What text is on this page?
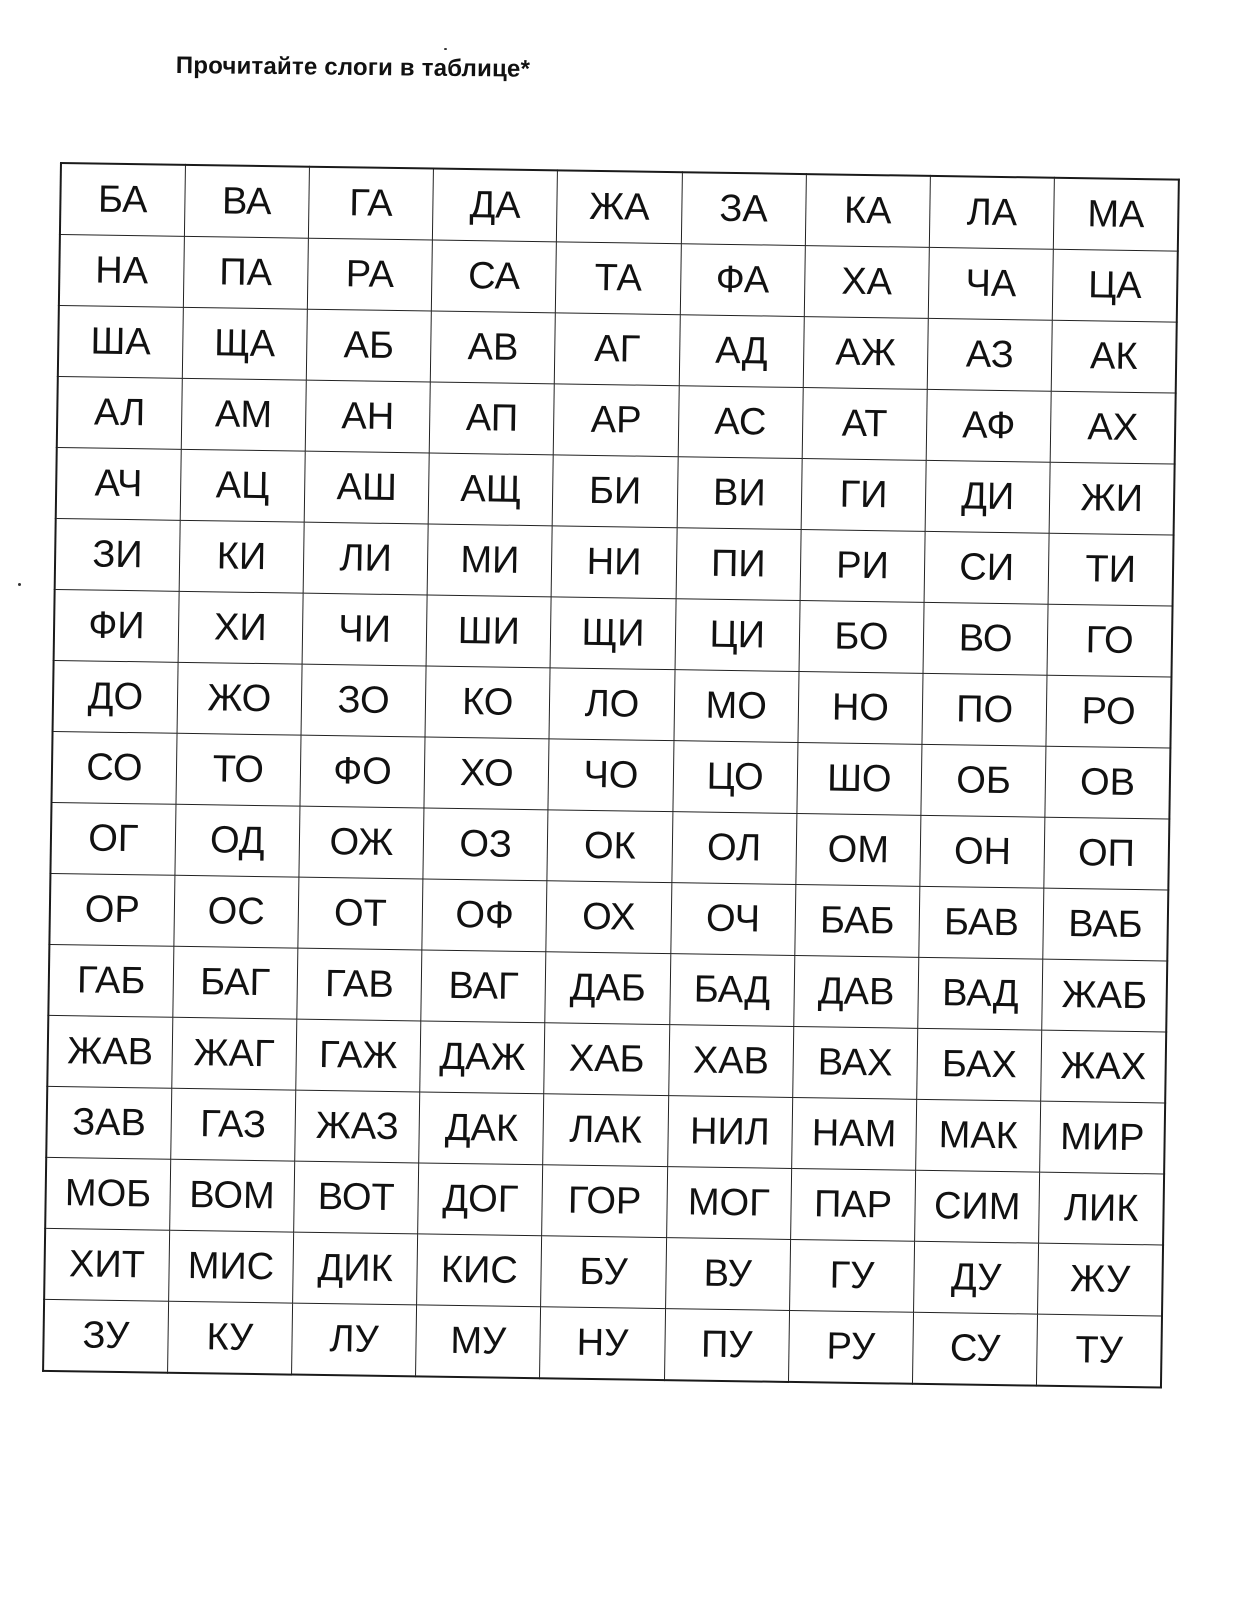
Прочитайте слоги в таблице*
БА	ВА	ГА	ДА	ЖА	ЗА	КА	ЛА	МА
НА	ПА	РА	СА	ТА	ФА	ХА	ЧА	ЦА
ША	ЩА	АБ	АВ	АГ	АД	АЖ	АЗ	АК
АЛ	АМ	АН	АП	АР	АС	АТ	АФ	АХ
АЧ	АЦ	АШ	АЩ	БИ	ВИ	ГИ	ДИ	ЖИ
ЗИ	КИ	ЛИ	МИ	НИ	ПИ	РИ	СИ	ТИ
ФИ	ХИ	ЧИ	ШИ	ЩИ	ЦИ	БО	ВО	ГО
ДО	ЖО	ЗО	КО	ЛО	МО	НО	ПО	РО
СО	ТО	ФО	ХО	ЧО	ЦО	ШО	ОБ	ОВ
ОГ	ОД	ОЖ	ОЗ	ОК	ОЛ	ОМ	ОН	ОП
ОР	ОС	ОТ	ОФ	ОХ	ОЧ	БАБ	БАВ	ВАБ
ГАБ	БАГ	ГАВ	ВАГ	ДАБ	БАД	ДАВ	ВАД	ЖАБ
ЖАВ	ЖАГ	ГАЖ	ДАЖ	ХАБ	ХАВ	ВАХ	БАХ	ЖАХ
ЗАВ	ГАЗ	ЖАЗ	ДАК	ЛАК	НИЛ	НАМ	МАК	МИР
МОБ	ВОМ	ВОТ	ДОГ	ГОР	МОГ	ПАР	СИМ	ЛИК
ХИТ	МИС	ДИК	КИС	БУ	ВУ	ГУ	ДУ	ЖУ
ЗУ	КУ	ЛУ	МУ	НУ	ПУ	РУ	СУ	ТУ
